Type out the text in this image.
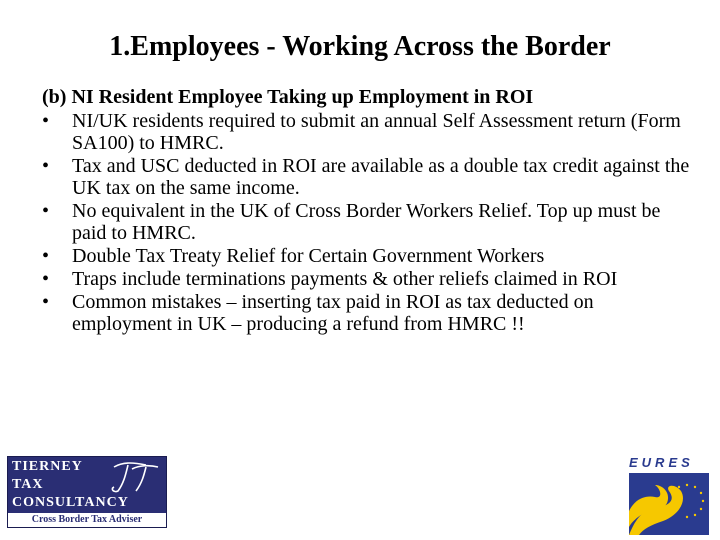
1.Employees - Working Across the Border
(b) NI Resident Employee Taking up Employment in ROI
• NI/UK residents required to submit an annual Self Assessment return (Form SA100) to HMRC.
• Tax and USC deducted in ROI are available as a double tax credit against the UK tax on the same income.
• No equivalent in the UK of Cross Border Workers Relief. Top up must be paid to HMRC.
• Double Tax Treaty Relief for Certain Government Workers
• Traps include terminations payments & other reliefs claimed in ROI
• Common mistakes – inserting tax paid in ROI as tax deducted on employment in UK – producing a refund from HMRC !!
TIERNEY
TAX
CONSULTANCY
Cross Border Tax Adviser
EURES
